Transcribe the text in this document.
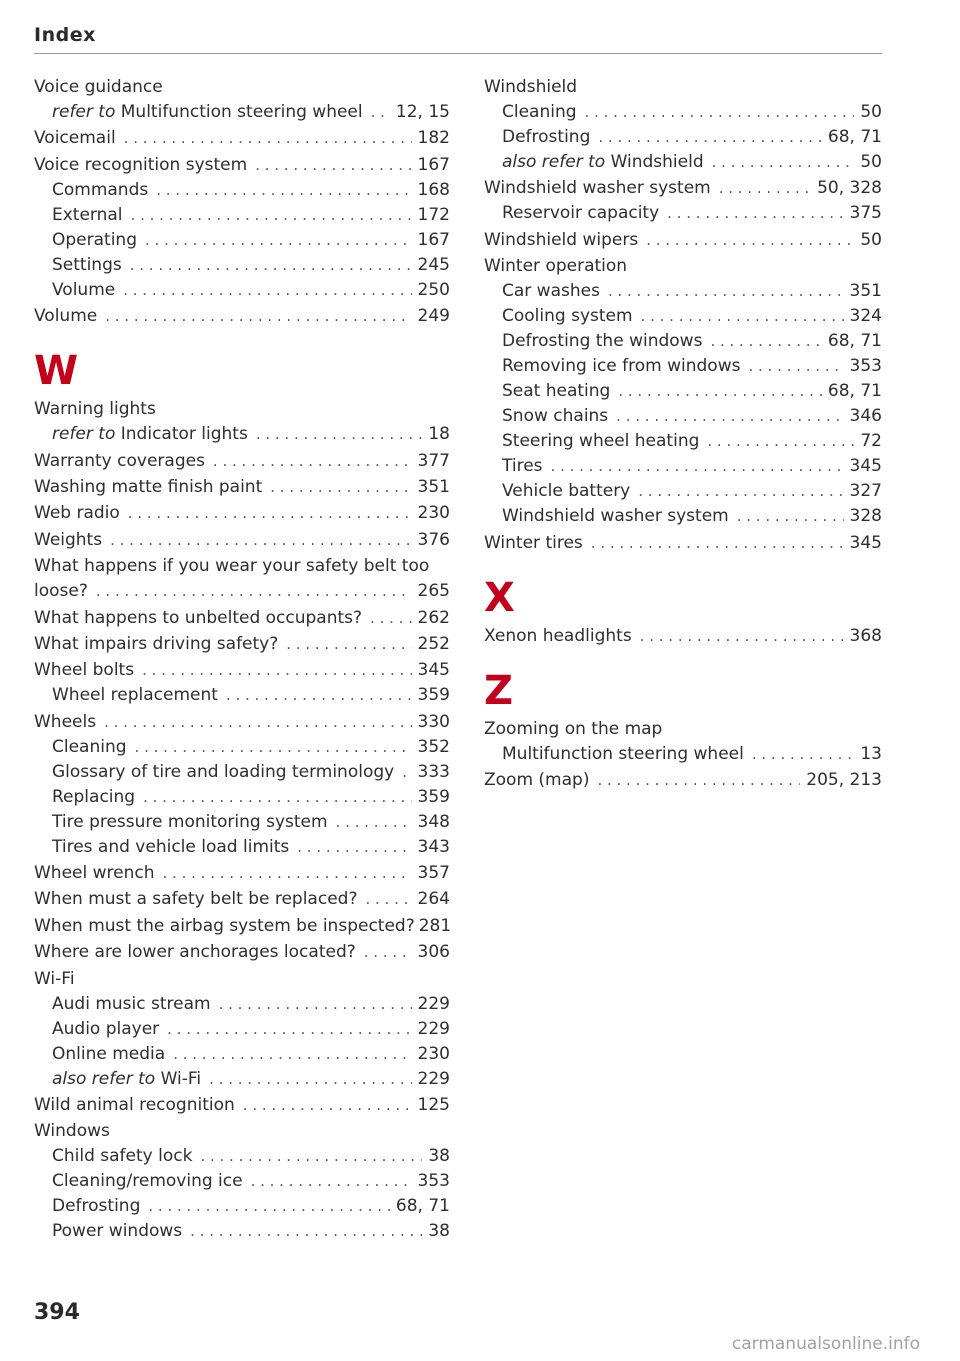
Index
Voice guidance
refer to Multifunction steering wheel . . . 12, 15
Voicemail . . .	182
Voice recognition system . . .	167
Commands . . .	168
External . . .	172
Operating . . .	167
Settings . . .	245
Volume . . .	250
Volume . . .	249
W
Warning lights
refer to Indicator lights . . .	18
Warranty coverages . . .	377
Washing matte finish paint . . .	351
Web radio . . .	230
Weights . . .	376
What happens if you wear your safety belt too
loose? . . .	265
What happens to unbelted occupants? . . .	262
What impairs driving safety? . . .	252
Wheel bolts . . .	345
Wheel replacement . . .	359
Wheels . . .	330
Cleaning . . .	352
Glossary of tire and loading terminology . . . 333
Replacing . . .	359
Tire pressure monitoring system . . .	348
Tires and vehicle load limits . . .	343
Wheel wrench . . .	357
When must a safety belt be replaced? . . .	264
When must the airbag system be inspected? 281
Where are lower anchorages located? . . .	306
Wi-Fi
Audi music stream . . .	229
Audio player . . .	229
Online media . . .	230
also refer to Wi-Fi . . .	229
Wild animal recognition . . .	125
Windows
Child safety lock . . .	38
Cleaning/removing ice . . .	353
Defrosting . . .	68, 71
Power windows . . .	38
Windshield
Cleaning . . .	50
Defrosting . . .	68, 71
also refer to Windshield . . .	50
Windshield washer system . . .	50, 328
Reservoir capacity . . .	375
Windshield wipers . . .	50
Winter operation
Car washes . . .	351
Cooling system . . .	324
Defrosting the windows . . .	68, 71
Removing ice from windows . . .	353
Seat heating . . .	68, 71
Snow chains . . .	346
Steering wheel heating . . .	72
Tires . . .	345
Vehicle battery . . .	327
Windshield washer system . . .	328
Winter tires . . .	345
X
Xenon headlights . . .	368
Z
Zooming on the map
Multifunction steering wheel . . .	13
Zoom (map) . . .	205, 213
394
carmanualsonline.info
